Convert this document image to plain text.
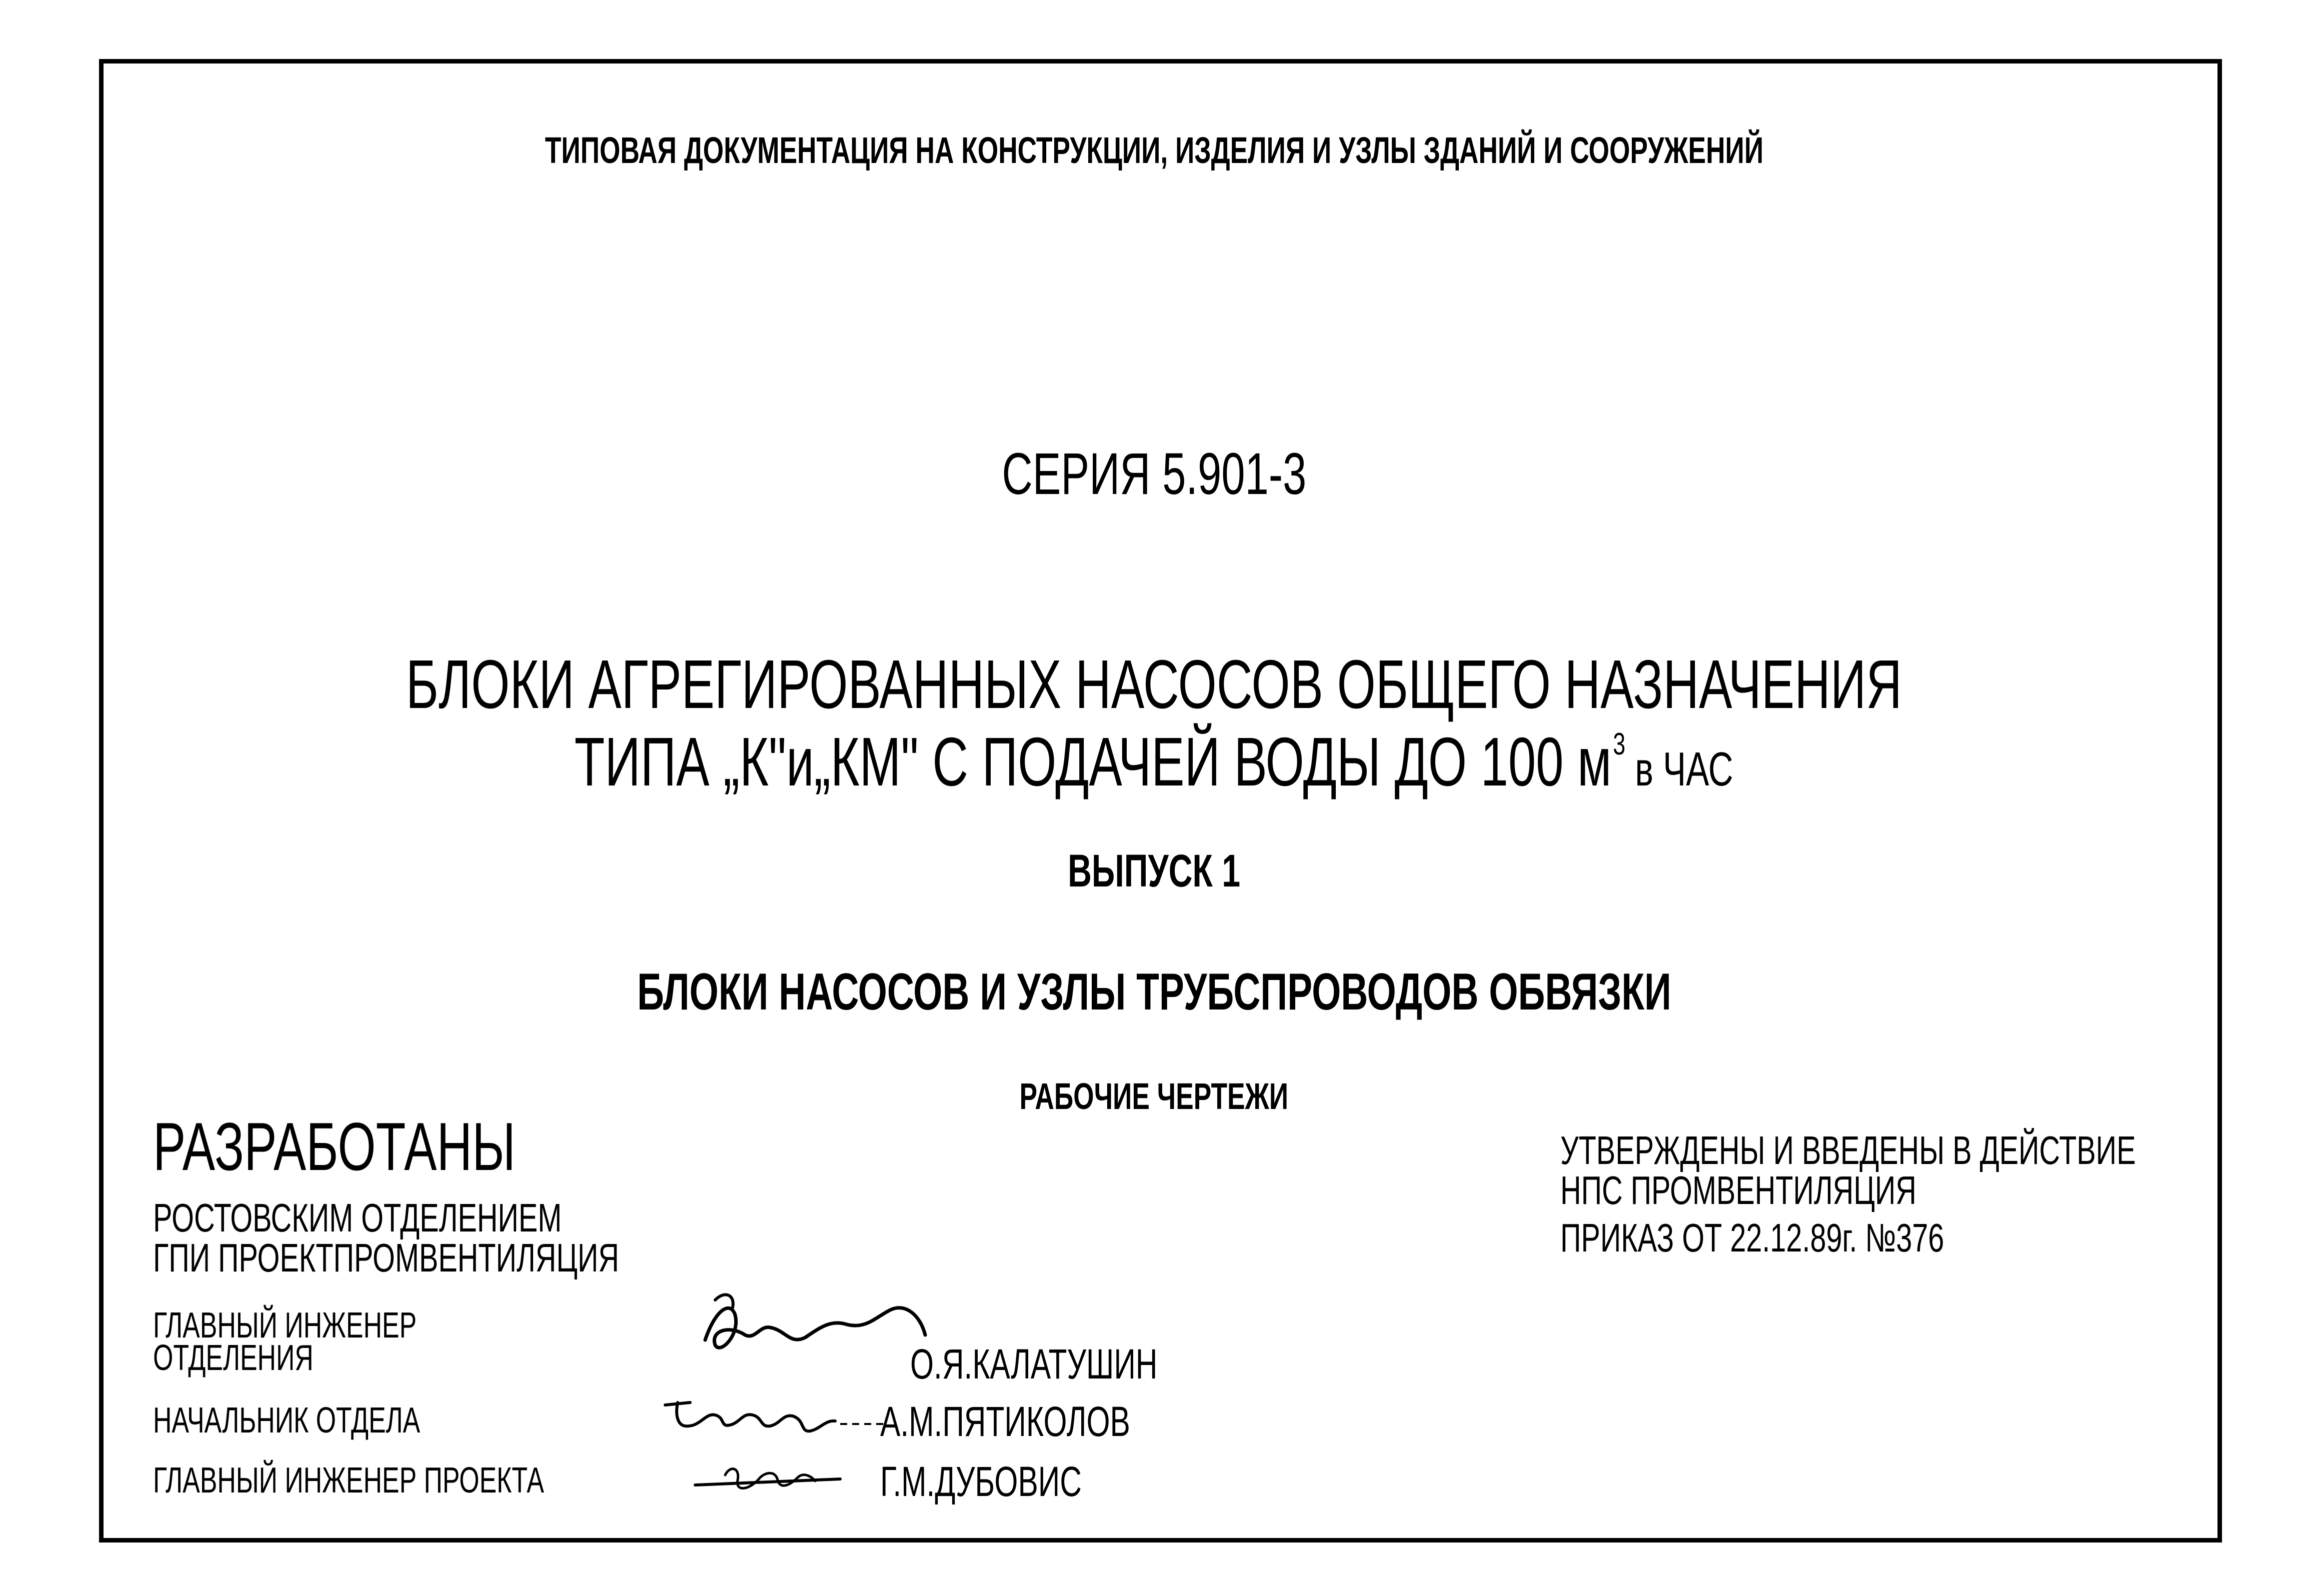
ТИПОВАЯ ДОКУМЕНТАЦИЯ НА КОНСТРУКЦИИ, ИЗДЕЛИЯ И УЗЛЫ ЗДАНИЙ И СООРУЖЕНИЙ
СЕРИЯ 5.901-3
БЛОКИ АГРЕГИРОВАННЫХ НАСОСОВ ОБЩЕГО НАЗНАЧЕНИЯ
ТИПА „К"и„КМ" С ПОДАЧЕЙ ВОДЫ ДО 100 $м^3$ в ЧАС
ВЫПУСК 1
БЛОКИ НАСОСОВ И УЗЛЫ ТРУБСПРОВОДОВ ОБВЯЗКИ
РАБОЧИЕ ЧЕРТЕЖИ
РАЗРАБОТАНЫ
РОСТОВСКИМ ОТДЕЛЕНИЕМ
ГПИ ПРОЕКТПРОМВЕНТИЛЯЦИЯ
УТВЕРЖДЕНЫ И ВВЕДЕНЫ В ДЕЙСТВИЕ
НПС ПРОМВЕНТИЛЯЦИЯ
ПРИКАЗ ОТ 22.12.89г. №376
ГЛАВНЫЙ ИНЖЕНЕР
ОТДЕЛЕНИЯ	О.Я.КАЛАТУШИН
НАЧАЛЬНИК ОТДЕЛА	А.М.ПЯТИКОЛОВ
ГЛАВНЫЙ ИНЖЕНЕР ПРОЕКТА	Г.М.ДУБОВИС
